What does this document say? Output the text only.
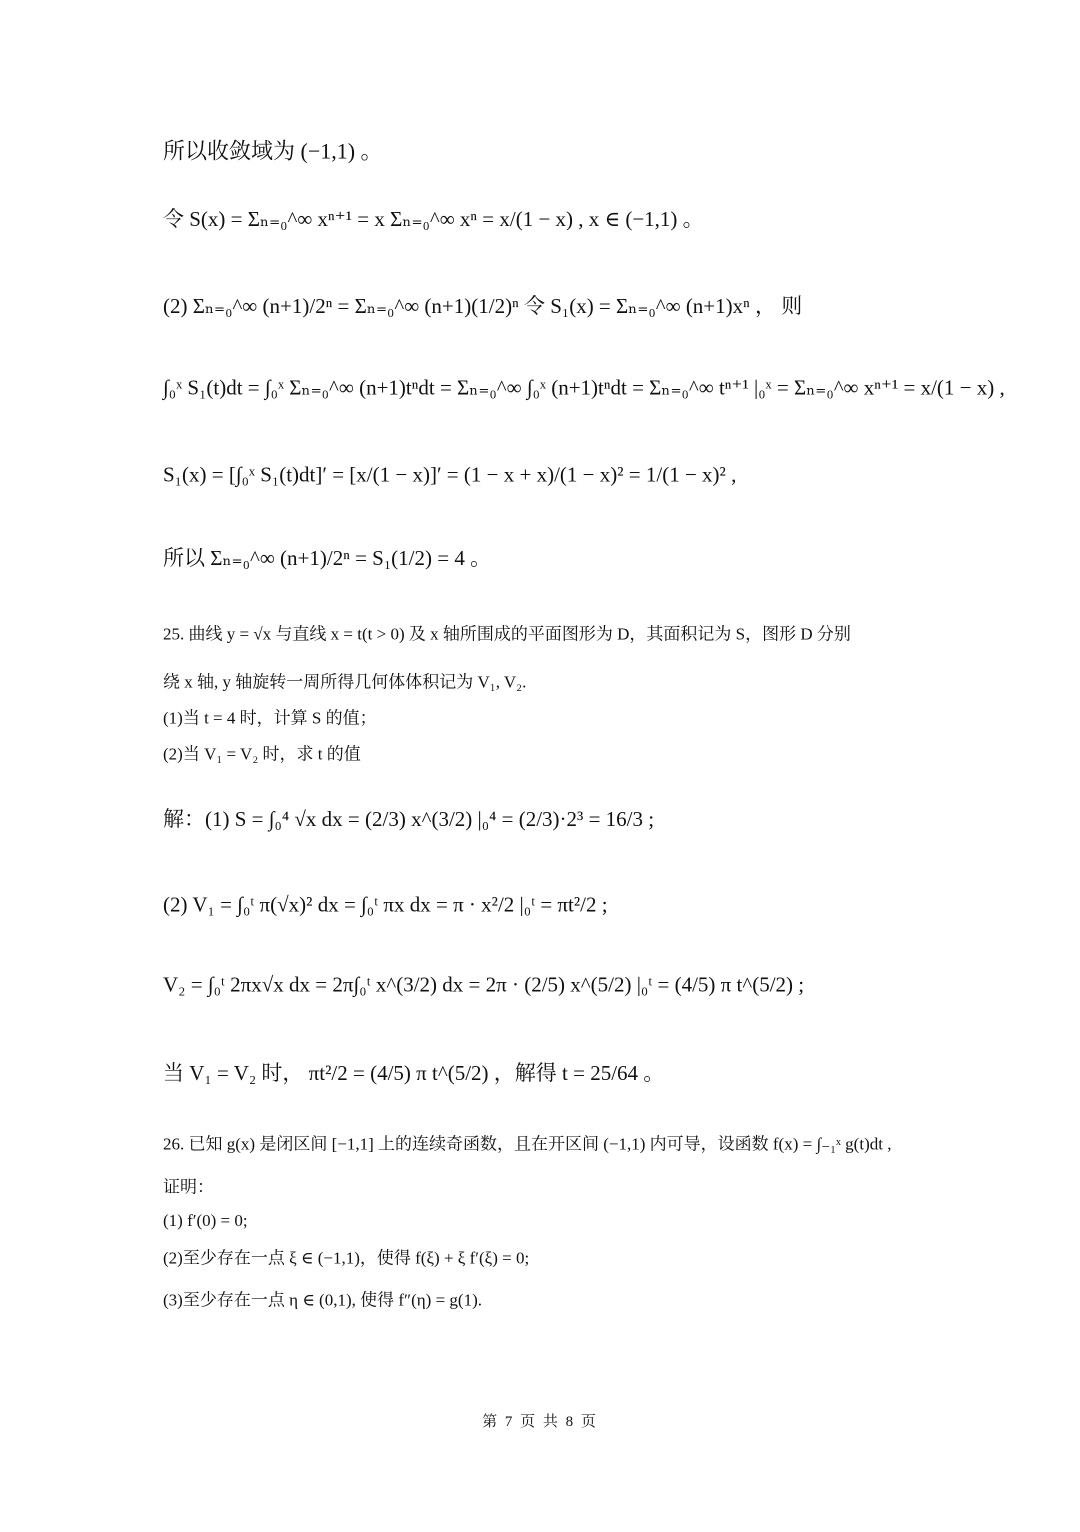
所以收敛域为 (−1,1) 。
令 S(x) = Σₙ₌₀^∞ xⁿ⁺¹ = x Σₙ₌₀^∞ xⁿ = x/(1 − x) , x ∈ (−1,1) 。
(2) Σₙ₌₀^∞ (n+1)/2ⁿ = Σₙ₌₀^∞ (n+1)(1/2)ⁿ 令 S₁(x) = Σₙ₌₀^∞ (n+1)xⁿ ， 则
∫₀ˣ S₁(t)dt = ∫₀ˣ Σₙ₌₀^∞ (n+1)tⁿdt = Σₙ₌₀^∞ ∫₀ˣ (n+1)tⁿdt = Σₙ₌₀^∞ tⁿ⁺¹ |₀ˣ = Σₙ₌₀^∞ xⁿ⁺¹ = x/(1 − x) ,
S₁(x) = [∫₀ˣ S₁(t)dt]′ = [x/(1 − x)]′ = (1 − x + x)/(1 − x)² = 1/(1 − x)² ,
所以 Σₙ₌₀^∞ (n+1)/2ⁿ = S₁(1/2) = 4 。
25. 曲线 y = √x 与直线 x = t(t > 0) 及 x 轴所围成的平面图形为 D，其面积记为 S，图形 D 分别
绕 x 轴, y 轴旋转一周所得几何体体积记为 V₁, V₂.
(1)当 t = 4 时，计算 S 的值；
(2)当 V₁ = V₂ 时，求 t 的值
解：(1) S = ∫₀⁴ √x dx = (2/3) x^(3/2) |₀⁴ = (2/3)·2³ = 16/3 ;
(2) V₁ = ∫₀ᵗ π(√x)² dx = ∫₀ᵗ πx dx = π · x²/2 |₀ᵗ = πt²/2 ;
V₂ = ∫₀ᵗ 2πx√x dx = 2π∫₀ᵗ x^(3/2) dx = 2π · (2/5) x^(5/2) |₀ᵗ = (4/5) π t^(5/2) ;
当 V₁ = V₂ 时， πt²/2 = (4/5) π t^(5/2) ，解得 t = 25/64 。
26. 已知 g(x) 是闭区间 [−1,1] 上的连续奇函数，且在开区间 (−1,1) 内可导，设函数 f(x) = ∫₋₁ˣ g(t)dt ,
证明：
(1) f′(0) = 0;
(2)至少存在一点 ξ ∈ (−1,1)，使得 f(ξ) + ξ f′(ξ) = 0;
(3)至少存在一点 η ∈ (0,1), 使得 f″(η) = g(1).
第 7 页 共 8 页
